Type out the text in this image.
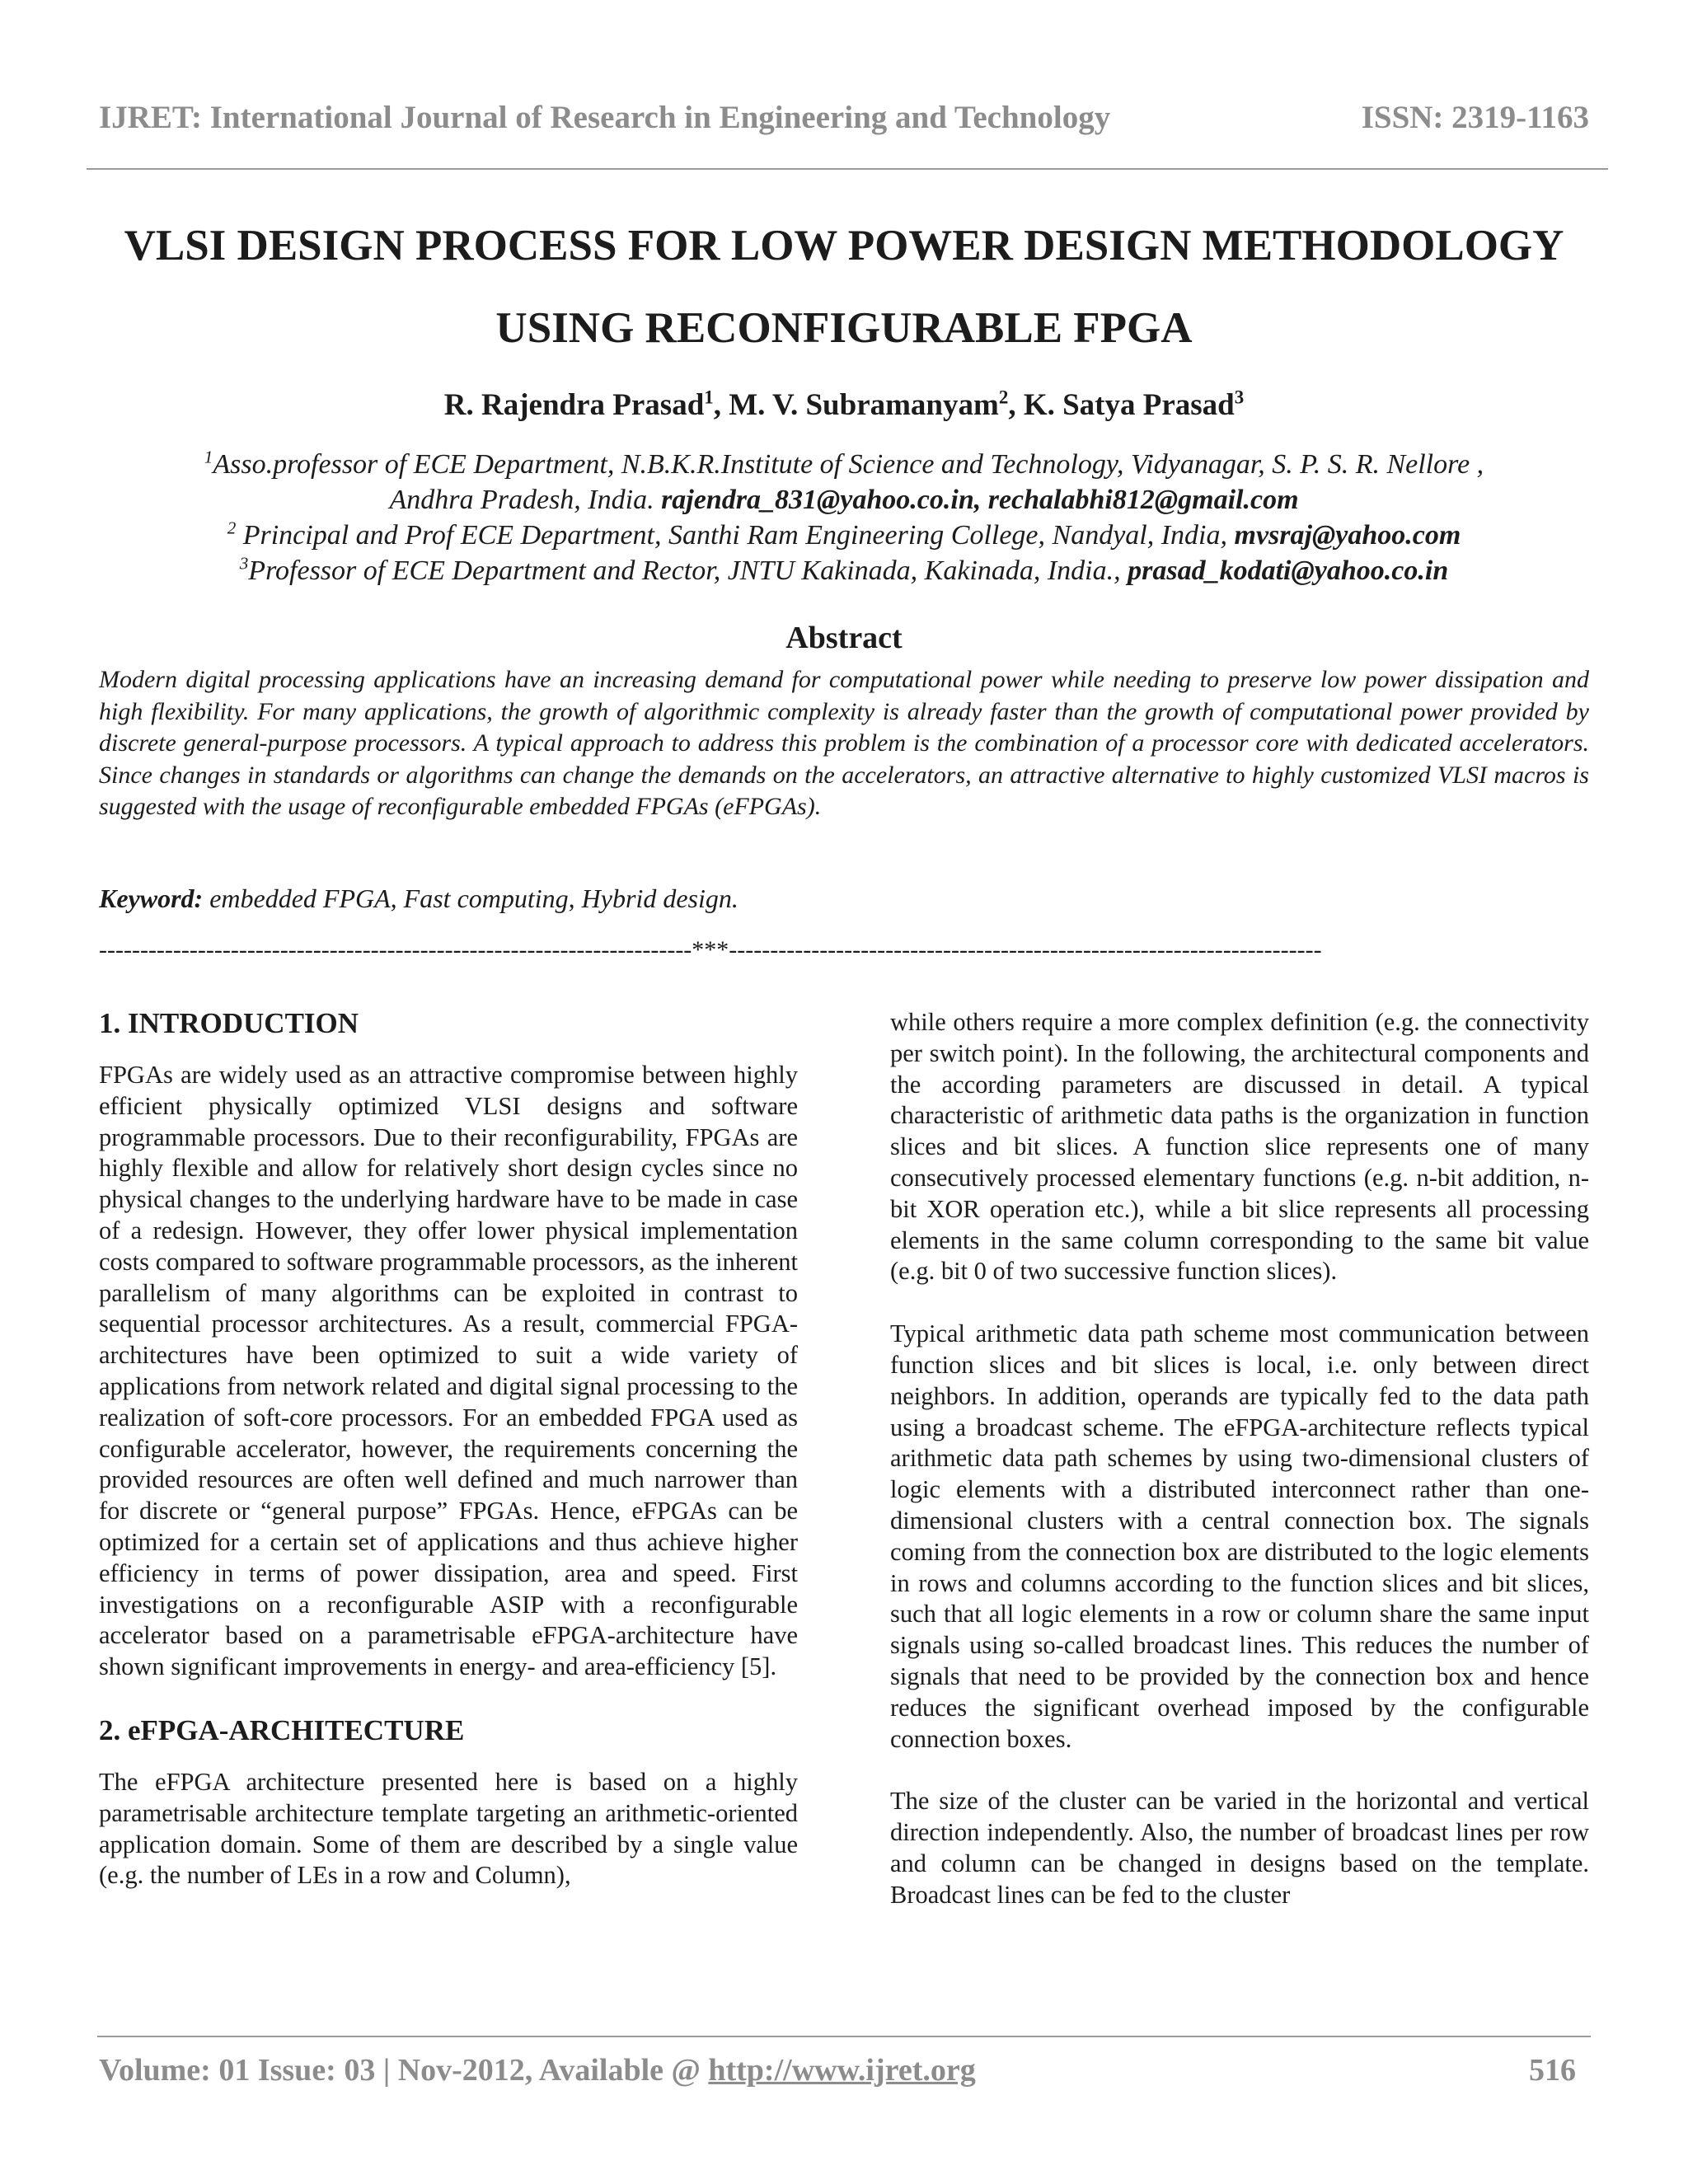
IJRET: International Journal of Research in Engineering and Technology	ISSN: 2319-1163
VLSI DESIGN PROCESS FOR LOW POWER DESIGN METHODOLOGY
USING RECONFIGURABLE FPGA
R. Rajendra Prasad$^1$, M. V. Subramanyam$^2$, K. Satya Prasad$^3$
$^1$Asso.professor of ECE Department, N.B.K.R.Institute of Science and Technology, Vidyanagar, S. P. S. R. Nellore ,
Andhra Pradesh, India. rajendra_831@yahoo.co.in, rechalabhi812@gmail.com
$^2$ Principal and Prof ECE Department, Santhi Ram Engineering College, Nandyal, India, mvsraj@yahoo.com
$^3$Professor of ECE Department and Rector, JNTU Kakinada, Kakinada, India., prasad_kodati@yahoo.co.in
Abstract
Modern digital processing applications have an increasing demand for computational power while needing to preserve low power dissipation and high flexibility. For many applications, the growth of algorithmic complexity is already faster than the growth of computational power provided by discrete general-purpose processors. A typical approach to address this problem is the combination of a processor core with dedicated accelerators. Since changes in standards or algorithms can change the demands on the accelerators, an attractive alternative to highly customized VLSI macros is suggested with the usage of reconfigurable embedded FPGAs (eFPGAs).
Keyword: embedded FPGA, Fast computing, Hybrid design.
------------------------------------------------------------------------***------------------------------------------------------------------------
1. INTRODUCTION

FPGAs are widely used as an attractive compromise between highly efficient physically optimized VLSI designs and software programmable processors. Due to their reconfigurability, FPGAs are highly flexible and allow for relatively short design cycles since no physical changes to the underlying hardware have to be made in case of a redesign. However, they offer lower physical implementation costs compared to software programmable processors, as the inherent parallelism of many algorithms can be exploited in contrast to sequential processor architectures. As a result, commercial FPGA-architectures have been optimized to suit a wide variety of applications from network related and digital signal processing to the realization of soft-core processors. For an embedded FPGA used as configurable accelerator, however, the requirements concerning the provided resources are often well defined and much narrower than for discrete or “general purpose” FPGAs. Hence, eFPGAs can be optimized for a certain set of applications and thus achieve higher efficiency in terms of power dissipation, area and speed. First investigations on a reconfigurable ASIP with a reconfigurable accelerator based on a parametrisable eFPGA-architecture have shown significant improvements in energy- and area-efficiency [5].

2. eFPGA-ARCHITECTURE

The eFPGA architecture presented here is based on a highly parametrisable architecture template targeting an arithmetic-oriented application domain. Some of them are described by a single value (e.g. the number of LEs in a row and Column),

while others require a more complex definition (e.g. the connectivity per switch point). In the following, the architectural components and the according parameters are discussed in detail. A typical characteristic of arithmetic data paths is the organization in function slices and bit slices. A function slice represents one of many consecutively processed elementary functions (e.g. n-bit addition, n-bit XOR operation etc.), while a bit slice represents all processing elements in the same column corresponding to the same bit value (e.g. bit 0 of two successive function slices).

Typical arithmetic data path scheme most communication between function slices and bit slices is local, i.e. only between direct neighbors. In addition, operands are typically fed to the data path using a broadcast scheme. The eFPGA-architecture reflects typical arithmetic data path schemes by using two-dimensional clusters of logic elements with a distributed interconnect rather than one-dimensional clusters with a central connection box. The signals coming from the connection box are distributed to the logic elements in rows and columns according to the function slices and bit slices, such that all logic elements in a row or column share the same input signals using so-called broadcast lines. This reduces the number of signals that need to be provided by the connection box and hence reduces the significant overhead imposed by the configurable connection boxes.

The size of the cluster can be varied in the horizontal and vertical direction independently. Also, the number of broadcast lines per row and column can be changed in designs based on the template. Broadcast lines can be fed to the cluster

Volume: 01 Issue: 03 | Nov-2012, Available @ http://www.ijret.org	516
